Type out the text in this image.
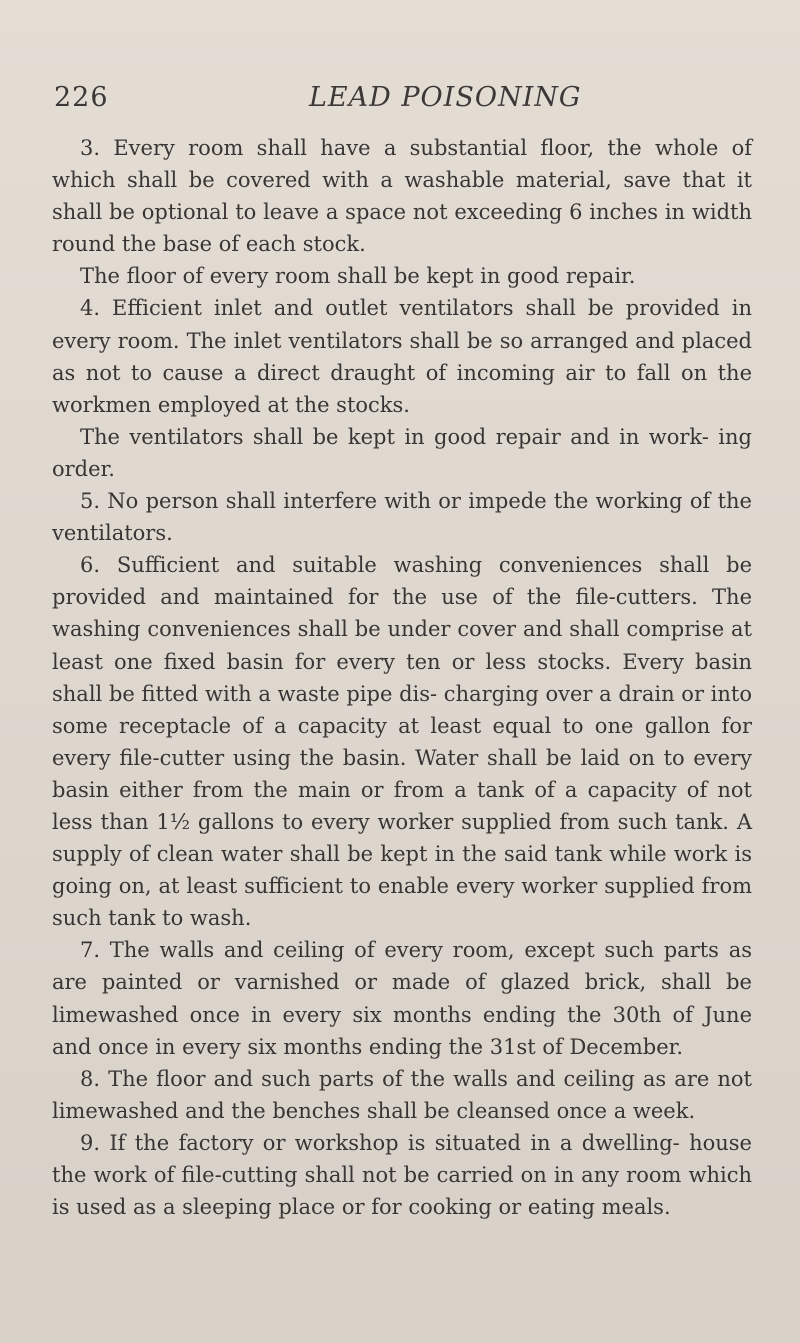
226	LEAD POISONING

3. Every room shall have a substantial floor, the whole of which shall be covered with a washable material, save that it shall be optional to leave a space not exceeding 6 inches in width round the base of each stock.

The floor of every room shall be kept in good repair.

4. Efficient inlet and outlet ventilators shall be provided in every room. The inlet ventilators shall be so arranged and placed as not to cause a direct draught of incoming air to fall on the workmen employed at the stocks.

The ventilators shall be kept in good repair and in work- ing order.

5. No person shall interfere with or impede the working of the ventilators.

6. Sufficient and suitable washing conveniences shall be provided and maintained for the use of the file-cutters. The washing conveniences shall be under cover and shall comprise at least one fixed basin for every ten or less stocks. Every basin shall be fitted with a waste pipe dis- charging over a drain or into some receptacle of a capacity at least equal to one gallon for every file-cutter using the basin. Water shall be laid on to every basin either from the main or from a tank of a capacity of not less than 1½ gallons to every worker supplied from such tank. A supply of clean water shall be kept in the said tank while work is going on, at least sufficient to enable every worker supplied from such tank to wash.

7. The walls and ceiling of every room, except such parts as are painted or varnished or made of glazed brick, shall be limewashed once in every six months ending the 30th of June and once in every six months ending the 31st of December.

8. The floor and such parts of the walls and ceiling as are not limewashed and the benches shall be cleansed once a week.

9. If the factory or workshop is situated in a dwelling- house the work of file-cutting shall not be carried on in any room which is used as a sleeping place or for cooking or eating meals.
